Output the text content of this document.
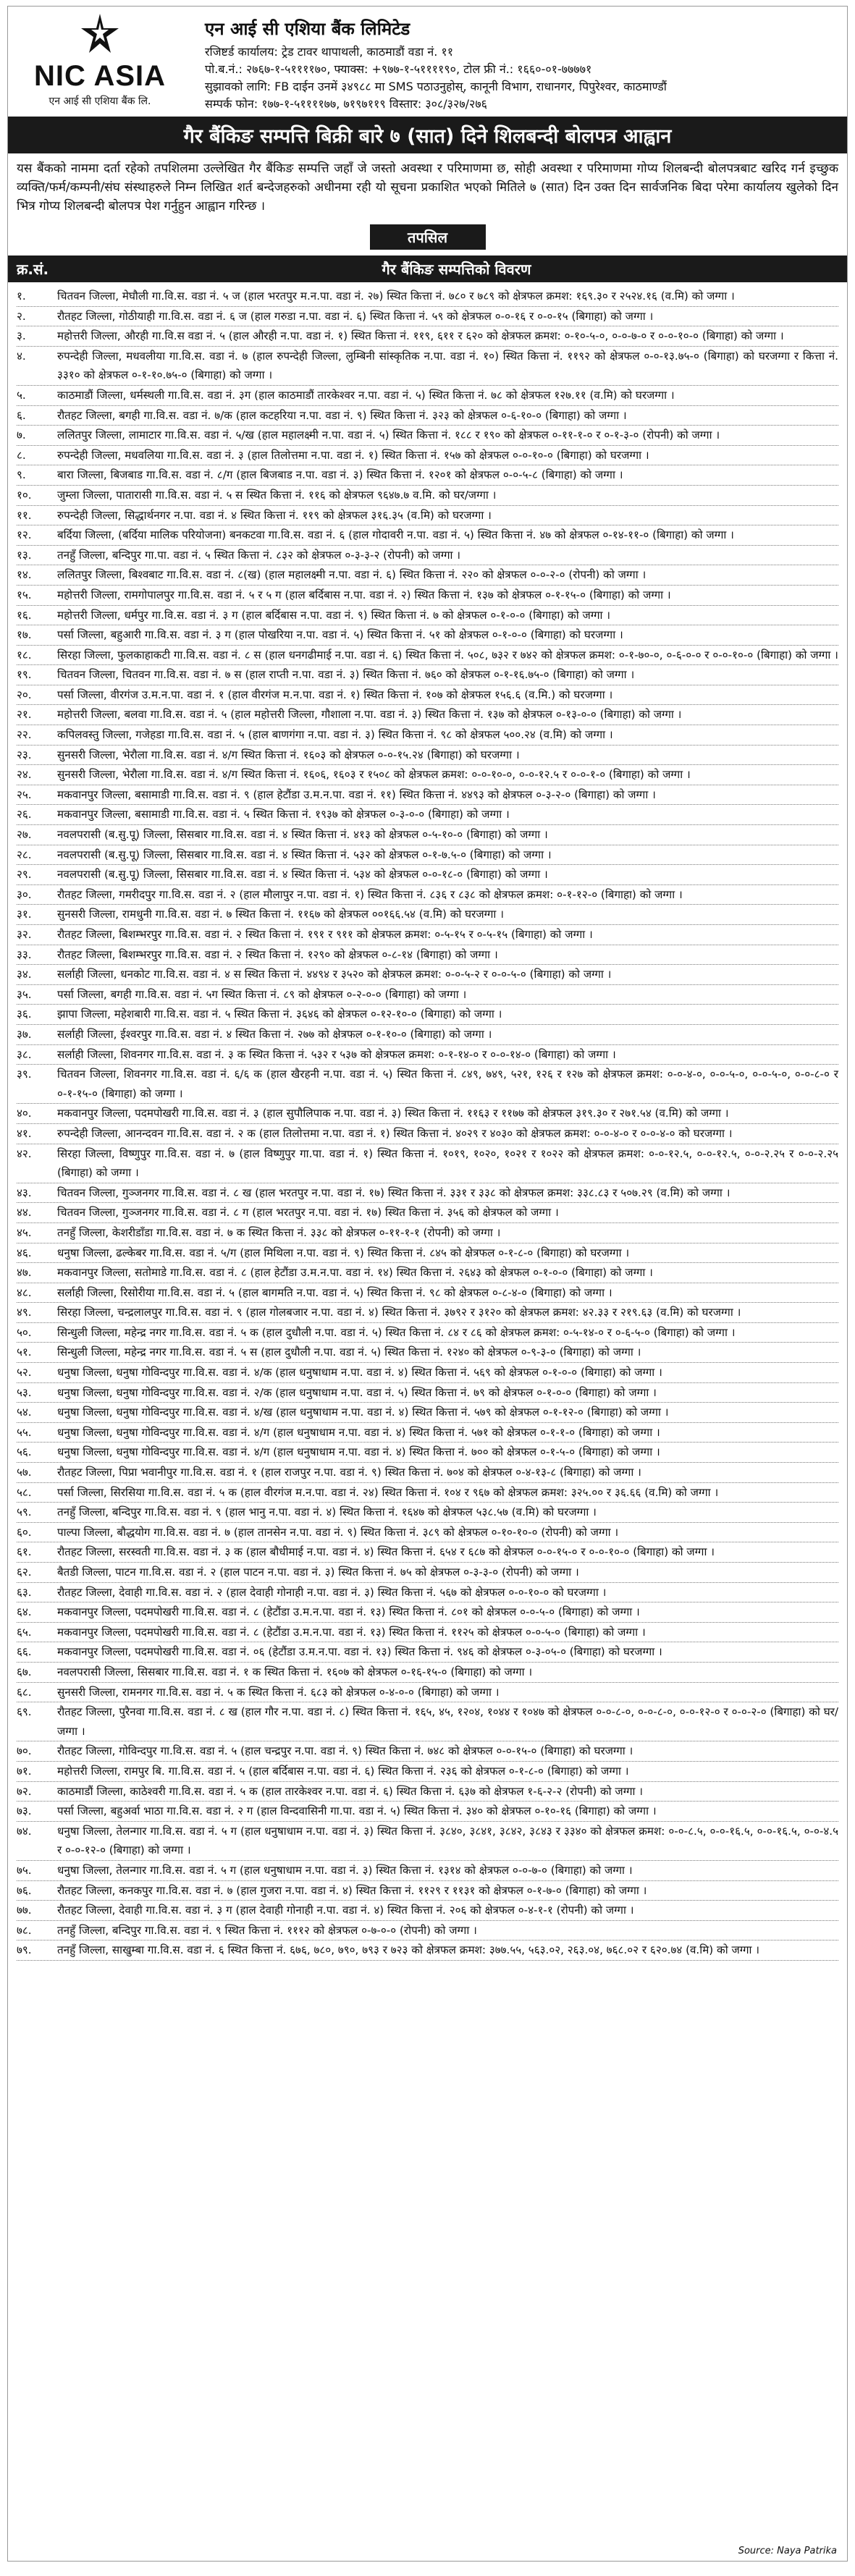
NIC ASIA
एन आई सी एशिया बैंक लि.
एन आई सी एशिया बैंक लिमिटेड
रजिष्टर्ड कार्यालय: ट्रेड टावर थापाथली, काठमाडौं वडा नं. ११
पो.ब.नं.: २७६७-१-५११११७०, फ्याक्स: +९७७-१-५११११९०, टोल फ्री नं.: १६६०-०१-७७७७१
सुझावको लागि: FB दाईन उनमें ३४९८८ मा SMS पठाउनुहोस्, कानूनी विभाग, राधानगर, पिपुरेश्वर, काठमाण्डौं
सम्पर्क फोन: १७७-१-५११११७७, ७१९७११९ विस्तार: ३०८/३२७/२७६
गैर बैंकिङ सम्पत्ति बिक्री बारे ७ (सात) दिने शिलबन्दी बोलपत्र आह्वान
यस बैंकको नाममा दर्ता रहेको तपशिलमा उल्लेखित गैर बैंकिङ सम्पत्ति जहाँ जे जस्तो अवस्था र परिमाणमा छ, सोही अवस्था र परिमाणमा गोप्य शिलबन्दी बोलपत्रबाट खरिद गर्न इच्छुक व्यक्ति/फर्म/कम्पनी/संघ संस्थाहरुले निम्न लिखित शर्त बन्देजहरुको अधीनमा रही यो सूचना प्रकाशित भएको मितिले ७ (सात) दिन उक्त दिन सार्वजनिक बिदा परेमा कार्यालय खुलेको दिन भित्र गोप्य शिलबन्दी बोलपत्र पेश गर्नुहुन आह्वान गरिन्छ ।
तपसिल
क्र.सं.	गैर बैंकिङ सम्पत्तिको विवरण
१.	चितवन जिल्ला, मेघौली गा.वि.स. वडा नं. ५ ज (हाल भरतपुर म.न.पा. वडा नं. २७) स्थित कित्ता नं. ७८० र ७८९ को क्षेत्रफल क्रमश: १६९.३० र २५२४.१६ (व.मि) को जग्गा ।
२.	रौतहट जिल्ला, गोठीयाही गा.वि.स. वडा नं. ६ ज (हाल गरुडा न.पा. वडा नं. ६) स्थित कित्ता नं. ५९ को क्षेत्रफल ०-०-१६ र ०-०-१५ (बिगाहा) को जग्गा ।
३.	महोत्तरी जिल्ला, औरही गा.वि.स वडा नं. ५ (हाल औरही न.पा. वडा नं. १) स्थित कित्ता नं. ११९, ६११ र ६२० को क्षेत्रफल क्रमश: ०-१०-५-०, ०-०-७-० र ०-०-१०-० (बिगाहा) को जग्गा ।
४.	रुपन्देही जिल्ला, मधवलीया गा.वि.स. वडा नं. ७ (हाल रुपन्देही जिल्ला, लुम्बिनी सांस्कृतिक न.पा. वडा नं. १०) स्थित कित्ता नं. ११९२ को क्षेत्रफल ०-०-१३.७५-० (बिगाहा) को घरजग्गा र कित्ता नं. ३३१० को क्षेत्रफल ०-१-१०.७५-० (बिगाहा) को जग्गा ।
५.	काठमाडौं जिल्ला, धर्मस्थली गा.वि.स. वडा नं. ३ग (हाल काठमाडौं तारकेश्वर न.पा. वडा नं. ५) स्थित कित्ता नं. ७८ को क्षेत्रफल १२७.११ (व.मि) को घरजग्गा ।
६.	रौतहट जिल्ला, बगही गा.वि.स. वडा नं. ७/क (हाल कटहरिया न.पा. वडा नं. ९) स्थित कित्ता नं. ३२३ को क्षेत्रफल ०-६-१०-० (बिगाहा) को जग्गा ।
७.	ललितपुर जिल्ला, लामाटार गा.वि.स. वडा नं. ५/ख (हाल महालक्ष्मी न.पा. वडा नं. ५) स्थित कित्ता नं. १८८ र १९० को क्षेत्रफल ०-११-१-० र ०-१-३-० (रोपनी) को जग्गा ।
८.	रुपन्देही जिल्ला, मधवलिया गा.वि.स. वडा नं. ३ (हाल तिलोत्तमा न.पा. वडा नं. १) स्थित कित्ता नं. १५७ को क्षेत्रफल ०-०-१०-० (बिगाहा) को घरजग्गा ।
९.	बारा जिल्ला, बिजबाड गा.वि.स. वडा नं. ८/ग (हाल बिजबाड न.पा. वडा नं. ३) स्थित कित्ता नं. १२०१ को क्षेत्रफल ०-०-५-८ (बिगाहा) को जग्गा ।
१०.	जुम्ला जिल्ला, पातारासी गा.वि.स. वडा नं. ५ स स्थित कित्ता नं. ११६ को क्षेत्रफल ९६४७.७ व.मि. को घर/जग्गा ।
११.	रुपन्देही जिल्ला, सिद्धार्थनगर न.पा. वडा नं. ४ स्थित कित्ता नं. ११९ को क्षेत्रफल ३१६.३५ (व.मि) को घरजग्गा ।
१२.	बर्दिया जिल्ला, (बर्दिया मालिक परियोजना) बनकटवा गा.वि.स. वडा नं. ६ (हाल गोदावरी न.पा. वडा नं. ५) स्थित कित्ता नं. ४७ को क्षेत्रफल ०-१४-११-० (बिगाहा) को जग्गा ।
१३.	तनहुँ जिल्ला, बन्दिपुर गा.पा. वडा नं. ५ स्थित कित्ता नं. ८३२ को क्षेत्रफल ०-३-३-२ (रोपनी) को जग्गा ।
१४.	ललितपुर जिल्ला, बिश्वबाट गा.वि.स. वडा नं. ८(ख) (हाल महालक्ष्मी न.पा. वडा नं. ६) स्थित कित्ता नं. २२० को क्षेत्रफल ०-०-२-० (रोपनी) को जग्गा ।
१५.	महोत्तरी जिल्ला, रामगोपालपुर गा.वि.स. वडा नं. ५ र ५ ग (हाल बर्दिबास न.पा. वडा नं. २) स्थित कित्ता नं. १३७ को क्षेत्रफल ०-१-१५-० (बिगाहा) को जग्गा ।
१६.	महोत्तरी जिल्ला, धर्मपुर गा.वि.स. वडा नं. ३ ग (हाल बर्दिबास न.पा. वडा नं. ९) स्थित कित्ता नं. ७ को क्षेत्रफल ०-१-०-० (बिगाहा) को जग्गा ।
१७.	पर्सा जिल्ला, बहुआरी गा.वि.स. वडा नं. ३ ग (हाल पोखरिया न.पा. वडा नं. ५) स्थित कित्ता नं. ५१ को क्षेत्रफल ०-१-०-० (बिगाहा) को घरजग्गा ।
१८.	सिरहा जिल्ला, फुलकाहाकटी गा.वि.स. वडा नं. ८ स (हाल धनगढीमाई न.पा. वडा नं. ६) स्थित कित्ता नं. ५०८, ७३२ र ७४२ को क्षेत्रफल क्रमश: ०-१-७०-०, ०-६-०-० र ०-०-१०-० (बिगाहा) को जग्गा ।
१९.	चितवन जिल्ला, चितवन गा.वि.स. वडा नं. ७ स (हाल राप्ती न.पा. वडा नं. ३) स्थित कित्ता नं. ७६० को क्षेत्रफल ०-१-१६.७५-० (बिगाहा) को जग्गा ।
२०.	पर्सा जिल्ला, वीरगंज उ.म.न.पा. वडा नं. १ (हाल वीरगंज म.न.पा. वडा नं. १) स्थित कित्ता नं. १०७ को क्षेत्रफल १५६.६ (व.मि.) को घरजग्गा ।
२१.	महोत्तरी जिल्ला, बलवा गा.वि.स. वडा नं. ५ (हाल महोत्तरी जिल्ला, गौशाला न.पा. वडा नं. ३) स्थित कित्ता नं. १३७ को क्षेत्रफल ०-१३-०-० (बिगाहा) को जग्गा ।
२२.	कपिलवस्तु जिल्ला, गजेहडा गा.वि.स. वडा नं. ५ (हाल बाणगंगा न.पा. वडा नं. ३) स्थित कित्ता नं. ९८ को क्षेत्रफल ५००.२४ (व.मि) को जग्गा ।
२३.	सुनसरी जिल्ला, भेरौला गा.वि.स. वडा नं. ४/ग स्थित कित्ता नं. १६०३ को क्षेत्रफल ०-०-१५.२४ (बिगाहा) को घरजग्गा ।
२४.	सुनसरी जिल्ला, भेरौला गा.वि.स. वडा नं. ४/ग स्थित कित्ता नं. १६०६, १६०३ र १५०८ को क्षेत्रफल क्रमश: ०-०-१०-०, ०-०-१२.५ र ०-०-१-० (बिगाहा) को जग्गा ।
२५.	मकवानपुर जिल्ला, बसामाडी गा.वि.स. वडा नं. ९ (हाल हेटौंडा उ.म.न.पा. वडा नं. ११) स्थित कित्ता नं. ४४९३ को क्षेत्रफल ०-३-२-० (बिगाहा) को जग्गा ।
२६.	मकवानपुर जिल्ला, बसामाडी गा.वि.स. वडा नं. ५ स्थित कित्ता नं. १९३७ को क्षेत्रफल ०-३-०-० (बिगाहा) को जग्गा ।
२७.	नवलपरासी (ब.सु.पू) जिल्ला, सिसबार गा.वि.स. वडा नं. ४ स्थित कित्ता नं. ४१३ को क्षेत्रफल ०-५-१०-० (बिगाहा) को जग्गा ।
२८.	नवलपरासी (ब.सु.पू) जिल्ला, सिसबार गा.वि.स. वडा नं. ४ स्थित कित्ता नं. ५३२ को क्षेत्रफल ०-१-७.५-० (बिगाहा) को जग्गा ।
२९.	नवलपरासी (ब.सु.पू) जिल्ला, सिसबार गा.वि.स. वडा नं. ४ स्थित कित्ता नं. ५३४ को क्षेत्रफल ०-०-१८-० (बिगाहा) को जग्गा ।
३०.	रौतहट जिल्ला, गमरीदपुर गा.वि.स. वडा नं. २ (हाल मौलापुर न.पा. वडा नं. १) स्थित कित्ता नं. ८३६ र ८३८ को क्षेत्रफल क्रमश: ०-१-१२-० (बिगाहा) को जग्गा ।
३१.	सुनसरी जिल्ला, रामधुनी गा.वि.स. वडा नं. ७ स्थित कित्ता नं. ११६७ को क्षेत्रफल ००१६६.५४ (व.मि) को घरजग्गा ।
३२.	रौतहट जिल्ला, बिशम्भरपुर गा.वि.स. वडा नं. २ स्थित कित्ता नं. १९१ र ९११ को क्षेत्रफल क्रमश: ०-५-१५ र ०-५-१५ (बिगाहा) को जग्गा ।
३३.	रौतहट जिल्ला, बिशम्भरपुर गा.वि.स. वडा नं. २ स्थित कित्ता नं. १२९० को क्षेत्रफल ०-८-१४ (बिगाहा) को जग्गा ।
३४.	सर्लाही जिल्ला, धनकोट गा.वि.स. वडा नं. ४ स स्थित कित्ता नं. ४४९४ र ३५२० को क्षेत्रफल क्रमश: ०-०-५-२ र ०-०-५-० (बिगाहा) को जग्गा ।
३५.	पर्सा जिल्ला, बगही गा.वि.स. वडा नं. ५ग स्थित कित्ता नं. ८९ को क्षेत्रफल ०-२-०-० (बिगाहा) को जग्गा ।
३६.	झापा जिल्ला, महेशबारी गा.वि.स. वडा नं. ५ स्थित कित्ता नं. ३६४६ को क्षेत्रफल ०-१२-१०-० (बिगाहा) को जग्गा ।
३७.	सर्लाही जिल्ला, ईश्वरपुर गा.वि.स. वडा नं. ४ स्थित कित्ता नं. २७७ को क्षेत्रफल ०-१-१०-० (बिगाहा) को जग्गा ।
३८.	सर्लाही जिल्ला, शिवनगर गा.वि.स. वडा नं. ३ क स्थित कित्ता नं. ५३२ र ५३७ को क्षेत्रफल क्रमश: ०-१-१४-० र ०-०-१४-० (बिगाहा) को जग्गा ।
३९.	चितवन जिल्ला, शिवनगर गा.वि.स. वडा नं. ६/६ क (हाल खैरहनी न.पा. वडा नं. ५) स्थित कित्ता नं. ८४९, ७४९, ५२१, १२६ र १२७ को क्षेत्रफल क्रमश: ०-०-४-०, ०-०-५-०, ०-०-५-०, ०-०-८-० र ०-१-१५-० (बिगाहा) को जग्गा ।
४०.	मकवानपुर जिल्ला, पदमपोखरी गा.वि.स. वडा नं. ३ (हाल सुपौलिपाक न.पा. वडा नं. ३) स्थित कित्ता नं. ११६३ र ११७७ को क्षेत्रफल ३१९.३० र २७१.५४ (व.मि) को जग्गा ।
४१.	रुपन्देही जिल्ला, आनन्दवन गा.वि.स. वडा नं. २ क (हाल तिलोत्तमा न.पा. वडा नं. १) स्थित कित्ता नं. ४०२९ र ४०३० को क्षेत्रफल क्रमश: ०-०-४-० र ०-०-४-० को घरजग्गा ।
४२.	सिरहा जिल्ला, विष्णुपुर गा.वि.स. वडा नं. ७ (हाल विष्णुपुर गा.पा. वडा नं. १) स्थित कित्ता नं. १०१९, १०२०, १०२१ र १०२२ को क्षेत्रफल क्रमश: ०-०-१२.५, ०-०-१२.५, ०-०-२.२५ र ०-०-२.२५ (बिगाहा) को जग्गा ।
४३.	चितवन जिल्ला, गुञ्जनगर गा.वि.स. वडा नं. ८ ख (हाल भरतपुर न.पा. वडा नं. १७) स्थित कित्ता नं. ३३१ र ३३८ को क्षेत्रफल क्रमश: ३३८.८३ र ५०७.२९ (व.मि) को जग्गा ।
४४.	चितवन जिल्ला, गुञ्जनगर गा.वि.स. वडा नं. ८ ग (हाल भरतपुर न.पा. वडा नं. १७) स्थित कित्ता नं. ३५६ को क्षेत्रफल को जग्गा ।
४५.	तनहुँ जिल्ला, केशरीडाँडा गा.वि.स. वडा नं. ७ क स्थित कित्ता नं. ३३८ को क्षेत्रफल ०-११-१-१ (रोपनी) को जग्गा ।
४६.	धनुषा जिल्ला, ढल्केबर गा.वि.स. वडा नं. ५/ग (हाल मिथिला न.पा. वडा नं. ९) स्थित कित्ता नं. ८४५ को क्षेत्रफल ०-१-८-० (बिगाहा) को घरजग्गा ।
४७.	मकवानपुर जिल्ला, सतोमाडे गा.वि.स. वडा नं. ८ (हाल हेटौंडा उ.म.न.पा. वडा नं. १४) स्थित कित्ता नं. २६४३ को क्षेत्रफल ०-१-०-० (बिगाहा) को जग्गा ।
४८.	सर्लाही जिल्ला, रिसोरीया गा.वि.स. वडा नं. ५ (हाल बागमति न.पा. वडा नं. ५) स्थित कित्ता नं. ९८ को क्षेत्रफल ०-८-४-० (बिगाहा) को जग्गा ।
४९.	सिरहा जिल्ला, चन्द्रलालपुर गा.वि.स. वडा नं. ९ (हाल गोलबजार न.पा. वडा नं. ४) स्थित कित्ता नं. ३७९२ र ३१२० को क्षेत्रफल क्रमश: ४२.३३ र २१९.६३ (व.मि) को घरजग्गा ।
५०.	सिन्धुली जिल्ला, महेन्द्र नगर गा.वि.स. वडा नं. ५ क (हाल दुधौली न.पा. वडा नं. ५) स्थित कित्ता नं. ८४ र ८६ को क्षेत्रफल क्रमश: ०-५-१४-० र ०-६-५-० (बिगाहा) को जग्गा ।
५१.	सिन्धुली जिल्ला, महेन्द्र नगर गा.वि.स. वडा नं. ५ स (हाल दुधौली न.पा. वडा नं. ५) स्थित कित्ता नं. १२४० को क्षेत्रफल ०-९-३-० (बिगाहा) को जग्गा ।
५२.	धनुषा जिल्ला, धनुषा गोविन्दपुर गा.वि.स. वडा नं. ४/क (हाल धनुषाधाम न.पा. वडा नं. ४) स्थित कित्ता नं. ५६९ को क्षेत्रफल ०-१-०-० (बिगाहा) को जग्गा ।
५३.	धनुषा जिल्ला, धनुषा गोविन्दपुर गा.वि.स. वडा नं. २/क (हाल धनुषाधाम न.पा. वडा नं. ५) स्थित कित्ता नं. ७९ को क्षेत्रफल ०-१-०-० (बिगाहा) को जग्गा ।
५४.	धनुषा जिल्ला, धनुषा गोविन्दपुर गा.वि.स. वडा नं. ४/ख (हाल धनुषाधाम न.पा. वडा नं. ४) स्थित कित्ता नं. ५७९ को क्षेत्रफल ०-१-१२-० (बिगाहा) को जग्गा ।
५५.	धनुषा जिल्ला, धनुषा गोविन्दपुर गा.वि.स. वडा नं. ४/ग (हाल धनुषाधाम न.पा. वडा नं. ४) स्थित कित्ता नं. ५७१ को क्षेत्रफल ०-१-१-० (बिगाहा) को जग्गा ।
५६.	धनुषा जिल्ला, धनुषा गोविन्दपुर गा.वि.स. वडा नं. ४/ग (हाल धनुषाधाम न.पा. वडा नं. ४) स्थित कित्ता नं. ७०० को क्षेत्रफल ०-१-५-० (बिगाहा) को जग्गा ।
५७.	रौतहट जिल्ला, पिप्रा भवानीपुर गा.वि.स. वडा नं. १ (हाल राजपुर न.पा. वडा नं. ९) स्थित कित्ता नं. ७०४ को क्षेत्रफल ०-४-१३-८ (बिगाहा) को जग्गा ।
५८.	पर्सा जिल्ला, सिरसिया गा.वि.स. वडा नं. ५ क (हाल वीरगंज म.न.पा. वडा नं. २४) स्थित कित्ता नं. १०४ र ९६७ को क्षेत्रफल क्रमश: ३२५.०० र ३६.६६ (व.मि) को जग्गा ।
५९.	तनहुँ जिल्ला, बन्दिपुर गा.वि.स. वडा नं. ९ (हाल भानु न.पा. वडा नं. ४) स्थित कित्ता नं. १६४७ को क्षेत्रफल ५३८.५७ (व.मि) को घरजग्गा ।
६०.	पाल्पा जिल्ला, बौद्धयोग गा.वि.स. वडा नं. ७ (हाल तानसेन न.पा. वडा नं. ९) स्थित कित्ता नं. ३८९ को क्षेत्रफल ०-१०-१०-० (रोपनी) को जग्गा ।
६१.	रौतहट जिल्ला, सरस्वती गा.वि.स. वडा नं. ३ क (हाल बौधीमाई न.पा. वडा नं. ४) स्थित कित्ता नं. ६५४ र ६८७ को क्षेत्रफल ०-०-१५-० र ०-०-१०-० (बिगाहा) को जग्गा ।
६२.	बैतडी जिल्ला, पाटन गा.वि.स. वडा नं. २ (हाल पाटन न.पा. वडा नं. ३) स्थित कित्ता नं. ७५ को क्षेत्रफल ०-३-३-० (रोपनी) को जग्गा ।
६३.	रौतहट जिल्ला, देवाही गा.वि.स. वडा नं. २ (हाल देवाही गोनाही न.पा. वडा नं. ३) स्थित कित्ता नं. ५६७ को क्षेत्रफल ०-०-१०-० को घरजग्गा ।
६४.	मकवानपुर जिल्ला, पदमपोखरी गा.वि.स. वडा नं. ८ (हेटौंडा उ.म.न.पा. वडा नं. १३) स्थित कित्ता नं. ८०१ को क्षेत्रफल ०-०-५-० (बिगाहा) को जग्गा ।
६५.	मकवानपुर जिल्ला, पदमपोखरी गा.वि.स. वडा नं. ८ (हेटौंडा उ.म.न.पा. वडा नं. १३) स्थित कित्ता नं. ११२५ को क्षेत्रफल ०-०-५-० (बिगाहा) को जग्गा ।
६६.	मकवानपुर जिल्ला, पदमपोखरी गा.वि.स. वडा नं. ०६ (हेटौंडा उ.म.न.पा. वडा नं. १३) स्थित कित्ता नं. ९४६ को क्षेत्रफल ०-३-०५-० (बिगाहा) को घरजग्गा ।
६७.	नवलपरासी जिल्ला, सिसबार गा.वि.स. वडा नं. १ क स्थित कित्ता नं. १६०७ को क्षेत्रफल ०-१६-१५-० (बिगाहा) को जग्गा ।
६८.	सुनसरी जिल्ला, रामनगर गा.वि.स. वडा नं. ५ क स्थित कित्ता नं. ६८३ को क्षेत्रफल ०-४-०-० (बिगाहा) को जग्गा ।
६९.	रौतहट जिल्ला, पुरैनवा गा.वि.स. वडा नं. ८ ख (हाल गौर न.पा. वडा नं. ८) स्थित कित्ता नं. १६५, ४५, १२०४, १०४४ र १०४७ को क्षेत्रफल ०-०-८-०, ०-०-८-०, ०-०-१२-० र ०-०-२-० (बिगाहा) को घर/जग्गा ।
७०.	रौतहट जिल्ला, गोविन्दपुर गा.वि.स. वडा नं. ५ (हाल चन्द्रपुर न.पा. वडा नं. ९) स्थित कित्ता नं. ७४८ को क्षेत्रफल ०-०-१५-० (बिगाहा) को घरजग्गा ।
७१.	महोत्तरी जिल्ला, रामपुर बि. गा.वि.स. वडा नं. ५ (हाल बर्दिबास न.पा. वडा नं. ६) स्थित कित्ता नं. २३६ को क्षेत्रफल ०-१-८-० (बिगाहा) को जग्गा ।
७२.	काठमाडौं जिल्ला, काठेश्वरी गा.वि.स. वडा नं. ५ क (हाल तारकेश्वर न.पा. वडा नं. ६) स्थित कित्ता नं. ६३७ को क्षेत्रफल १-६-२-२ (रोपनी) को जग्गा ।
७३.	पर्सा जिल्ला, बहुअर्वा भाठा गा.वि.स. वडा नं. २ ग (हाल विन्दवासिनी गा.पा. वडा नं. ५) स्थित कित्ता नं. ३४० को क्षेत्रफल ०-१०-१६ (बिगाहा) को जग्गा ।
७४.	धनुषा जिल्ला, तेलन्गार गा.वि.स. वडा नं. ५ ग (हाल धनुषाधाम न.पा. वडा नं. ३) स्थित कित्ता नं. ३८४०, ३८४१, ३८४२, ३८४३ र ३३४० को क्षेत्रफल क्रमश: ०-०-८.५, ०-०-१६.५, ०-०-१६.५, ०-०-४.५ र ०-०-१२-० (बिगाहा) को जग्गा ।
७५.	धनुषा जिल्ला, तेलन्गार गा.वि.स. वडा नं. ५ ग (हाल धनुषाधाम न.पा. वडा नं. ३) स्थित कित्ता नं. १३१४ को क्षेत्रफल ०-०-७-० (बिगाहा) को जग्गा ।
७६.	रौतहट जिल्ला, कनकपुर गा.वि.स. वडा नं. ७ (हाल गुजरा न.पा. वडा नं. ४) स्थित कित्ता नं. ११२९ र ११३१ को क्षेत्रफल ०-१-७-० (बिगाहा) को जग्गा ।
७७.	रौतहट जिल्ला, देवाही गा.वि.स. वडा नं. ३ ग (हाल देवाही गोनाही न.पा. वडा नं. ४) स्थित कित्ता नं. २०६ को क्षेत्रफल ०-४-१-१ (रोपनी) को जग्गा ।
७८.	तनहुँ जिल्ला, बन्दिपुर गा.वि.स. वडा नं. ९ स्थित कित्ता नं. १११२ को क्षेत्रफल ०-७-०-० (रोपनी) को जग्गा ।
७९.	तनहुँ जिल्ला, साखुम्बा गा.वि.स. वडा नं. ६ स्थित कित्ता नं. ६७६, ७८०, ७९०, ७९३ र ७२३ को क्षेत्रफल क्रमश: ३७७.५५, ५६३.०२, २६३.०४, ७६८.०२ र ६२०.७४ (व.मि) को जग्गा ।
Source: Naya Patrika
